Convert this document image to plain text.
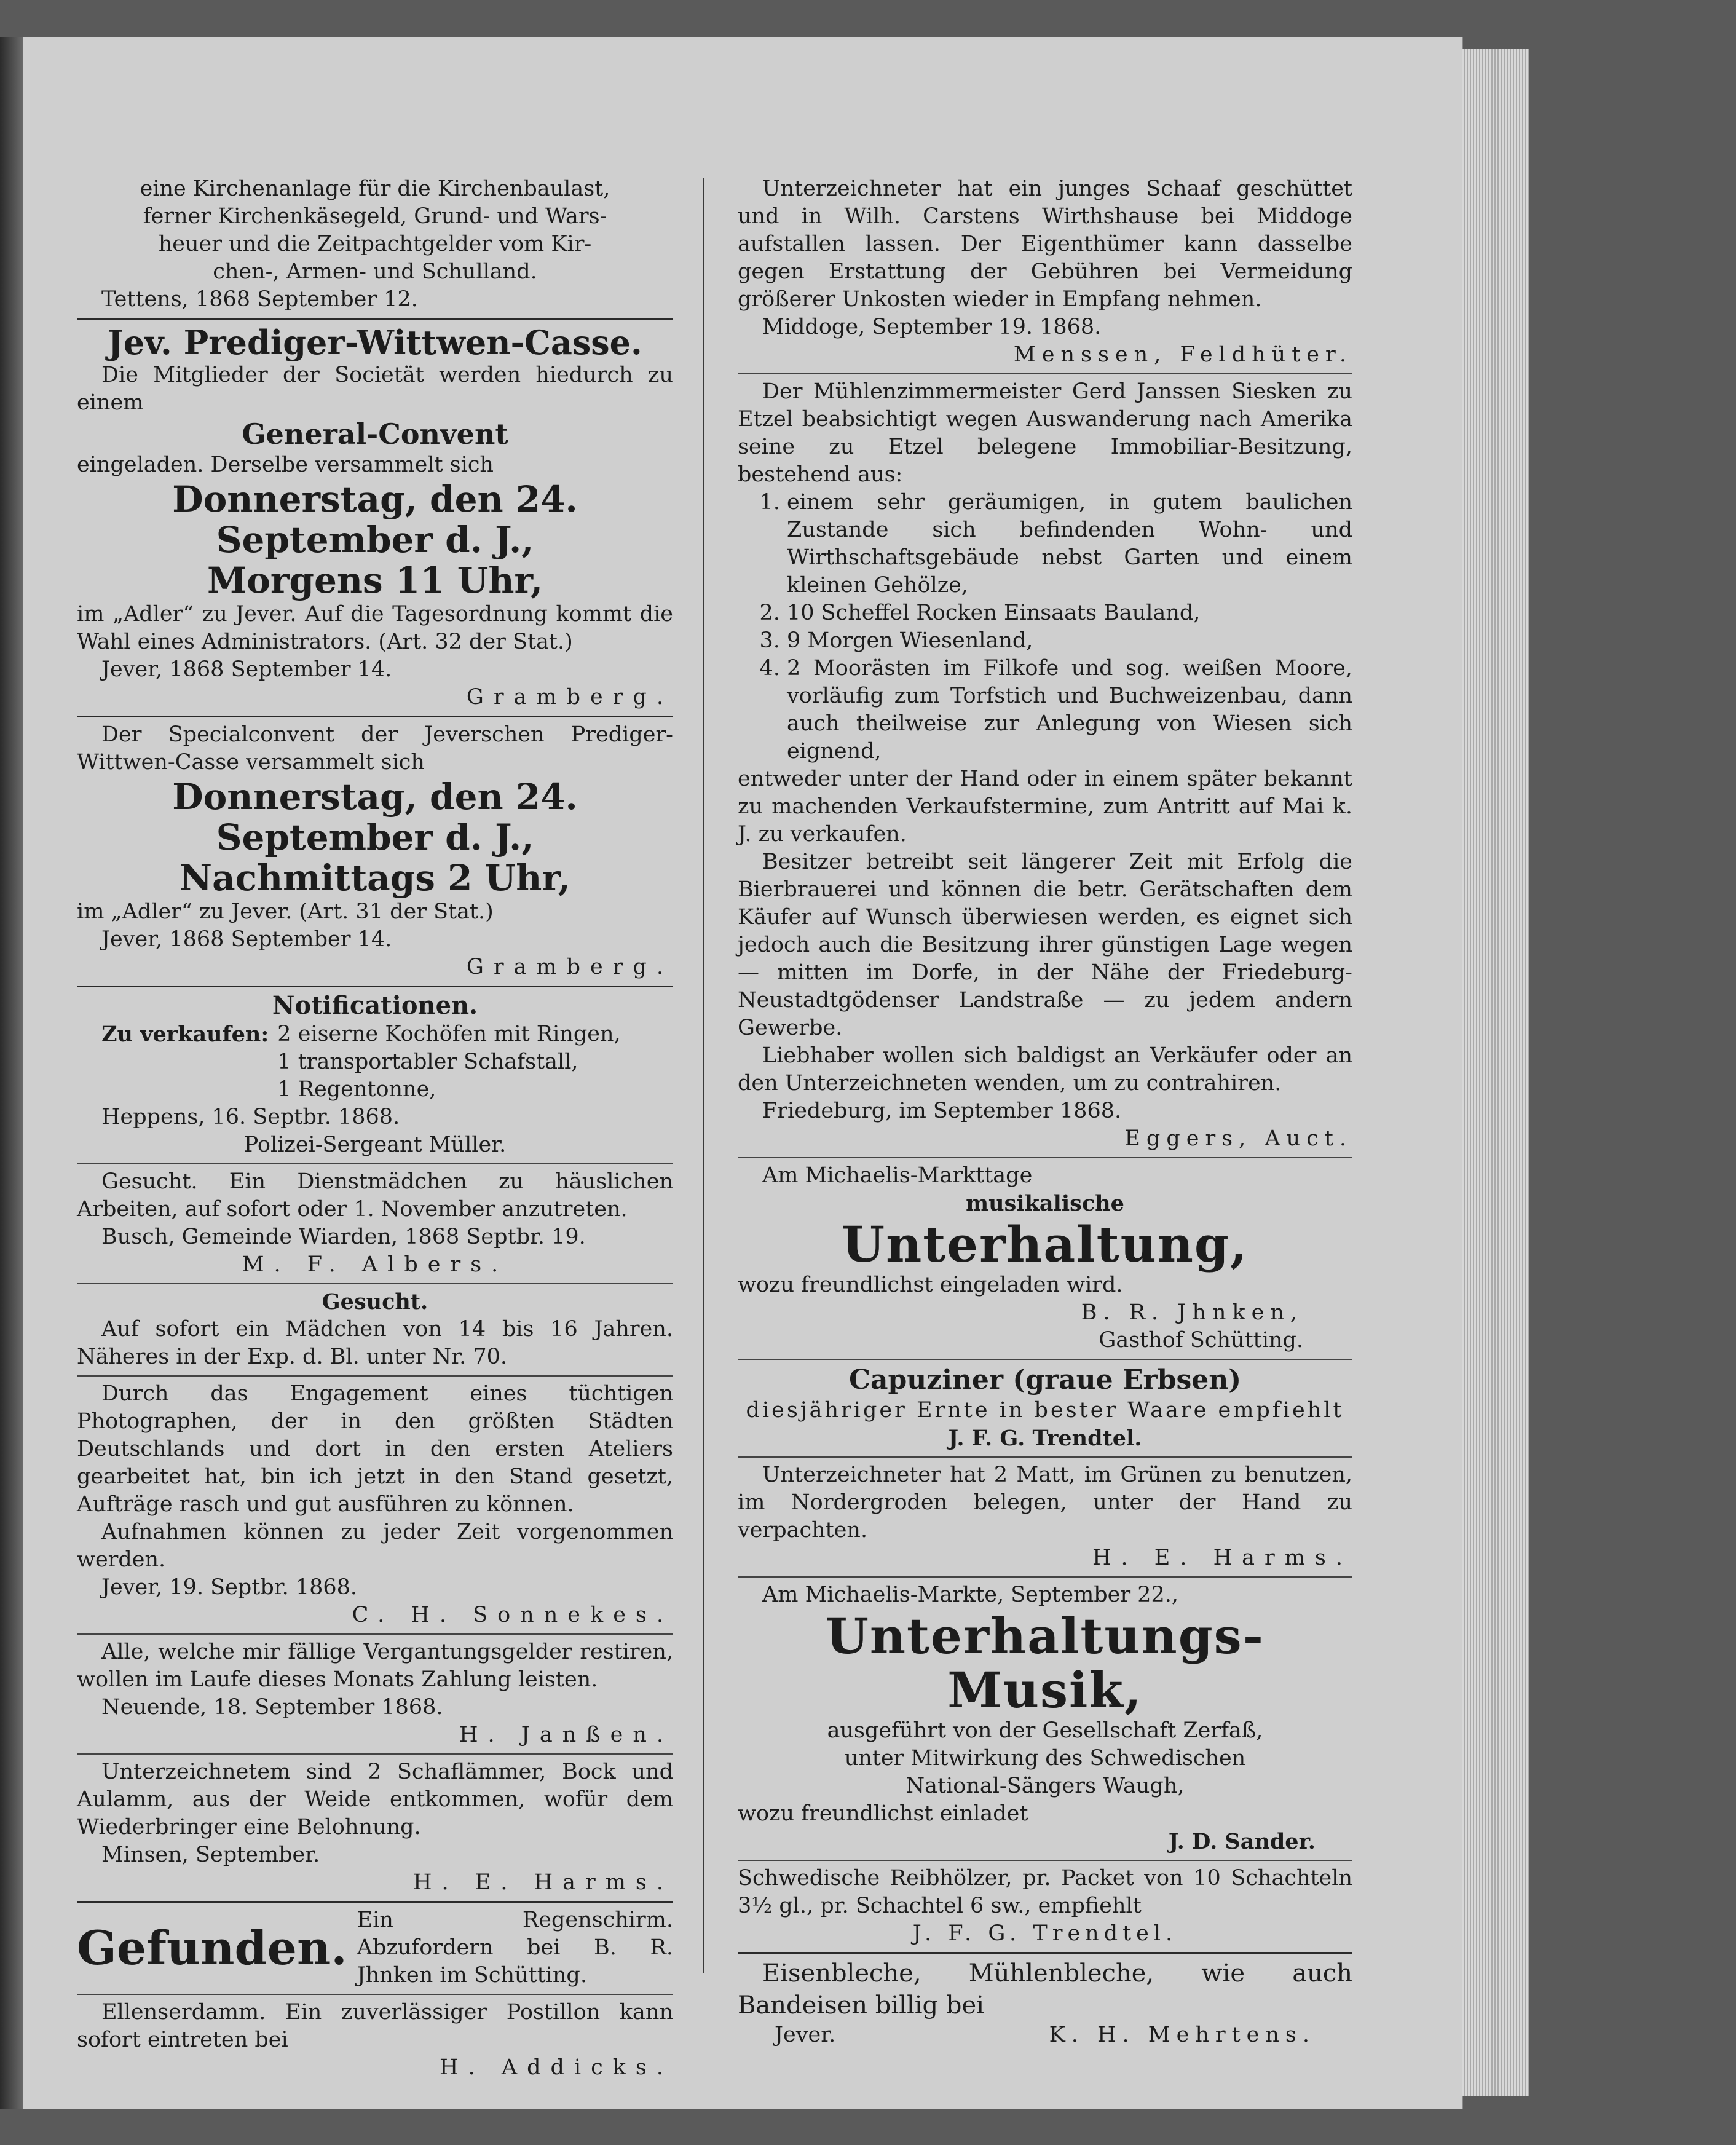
eine Kirchenanlage für die Kirchenbaulast,

ferner Kirchenkäsegeld, Grund- und Wars-

heuer und die Zeitpachtgelder vom Kir-

chen-, Armen- und Schulland.

Tettens, 1868 September 12.

Jev. Prediger-Wittwen-Casse.

Die Mitglieder der Societät werden hiedurch zu einem

General-Convent

eingeladen. Derselbe versammelt sich

Donnerstag, den 24. September d. J.,
Morgens 11 Uhr,

im „Adler“ zu Jever. Auf die Tagesordnung kommt die Wahl eines Administrators. (Art. 32 der Stat.)

Jever, 1868 September 14.

Gramberg.

Der Specialconvent der Jeverschen Prediger-Wittwen-Casse versammelt sich

Donnerstag, den 24. September d. J.,
Nachmittags 2 Uhr,

im „Adler“ zu Jever. (Art. 31 der Stat.)

Jever, 1868 September 14.

Gramberg.

Notificationen.
Zu verkaufen: 2 eiserne Kochöfen mit Ringen,
1 transportabler Schafstall,
1 Regentonne,

Heppens, 16. Septbr. 1868.

Polizei-Sergeant Müller.

Gesucht. Ein Dienstmädchen zu häuslichen Arbeiten, auf sofort oder 1. November anzutreten.

Busch, Gemeinde Wiarden, 1868 Septbr. 19.

M. F. Albers.

Gesucht.

Auf sofort ein Mädchen von 14 bis 16 Jahren. Näheres in der Exp. d. Bl. unter Nr. 70.

Durch das Engagement eines tüchtigen Photographen, der in den größten Städten Deutschlands und dort in den ersten Ateliers gearbeitet hat, bin ich jetzt in den Stand gesetzt, Aufträge rasch und gut ausführen zu können.

Aufnahmen können zu jeder Zeit vorgenommen werden.

Jever, 19. Septbr. 1868.

C. H. Sonnekes.

Alle, welche mir fällige Vergantungsgelder restiren, wollen im Laufe dieses Monats Zahlung leisten.

Neuende, 18. September 1868.

H. Janßen.

Unterzeichnetem sind 2 Schaflämmer, Bock und Aulamm, aus der Weide entkommen, wofür dem Wiederbringer eine Belohnung.

Minsen, September.

H. E. Harms.

Gefunden.

Ein Regenschirm. Abzufordern bei B. R. Jhnken im Schütting.

Ellenserdamm. Ein zuverlässiger Postillon kann sofort eintreten bei

H. Addicks.

Unterzeichneter hat ein junges Schaaf geschüttet und in Wilh. Carstens Wirthshause bei Middoge aufstallen lassen. Der Eigenthümer kann dasselbe gegen Erstattung der Gebühren bei Vermeidung größerer Unkosten wieder in Empfang nehmen.

Middoge, September 19. 1868.

Menssen, Feldhüter.

Der Mühlenzimmermeister Gerd Janssen Siesken zu Etzel beabsichtigt wegen Auswanderung nach Amerika seine zu Etzel belegene Immobiliar-Besitzung, bestehend aus:

1. einem sehr geräumigen, in gutem baulichen Zustande sich befindenden Wohn- und Wirthschaftsgebäude nebst Garten und einem kleinen Gehölze,
2. 10 Scheffel Rocken Einsaats Bauland,
3. 9 Morgen Wiesenland,
4. 2 Moorästen im Filkofe und sog. weißen Moore, vorläufig zum Torfstich und Buchweizenbau, dann auch theilweise zur Anlegung von Wiesen sich eignend,

entweder unter der Hand oder in einem später bekannt zu machenden Verkaufstermine, zum Antritt auf Mai k. J. zu verkaufen.

Besitzer betreibt seit längerer Zeit mit Erfolg die Bierbrauerei und können die betr. Gerätschaften dem Käufer auf Wunsch überwiesen werden, es eignet sich jedoch auch die Besitzung ihrer günstigen Lage wegen — mitten im Dorfe, in der Nähe der Friedeburg-Neustadtgödenser Landstraße — zu jedem andern Gewerbe.

Liebhaber wollen sich baldigst an Verkäufer oder an den Unterzeichneten wenden, um zu contrahiren.

Friedeburg, im September 1868.

Eggers, Auct.

Am Michaelis-Markttage

musikalische

Unterhaltung,

wozu freundlichst eingeladen wird.

B. R. Jhnken,

Gasthof Schütting.

Capuziner (graue Erbsen)

diesjähriger Ernte in bester Waare empfiehlt

J. F. G. Trendtel.

Unterzeichneter hat 2 Matt, im Grünen zu benutzen, im Nordergroden belegen, unter der Hand zu verpachten.

H. E. Harms.

Am Michaelis-Markte, September 22.,

Unterhaltungs-Musik,

ausgeführt von der Gesellschaft Zerfaß,

unter Mitwirkung des Schwedischen

National-Sängers Waugh,

wozu freundlichst einladet

J. D. Sander.

Schwedische Reibhölzer, pr. Packet von 10 Schachteln 3½ gl., pr. Schachtel 6 sw., empfiehlt

J. F. G. Trendtel.

Eisenbleche, Mühlenbleche, wie auch Bandeisen billig bei

Jever.	K. H. Mehrtens.
